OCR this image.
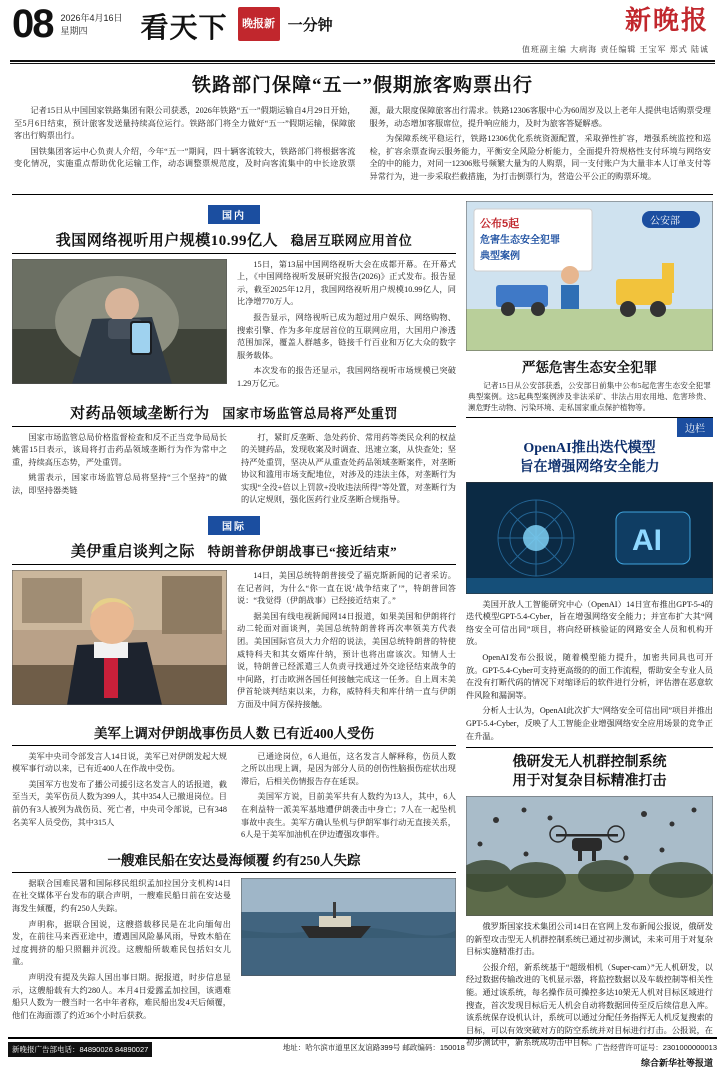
08 2026年4月16日
星期四	看天下	晚报新 一分钟	新晚报
值班副主编 大病海 责任编辑 王宝军 郑式 陆诚
铁路部门保障“五一”假期旅客购票出行

记者15日从中国国家铁路集团有限公司获悉，2026年铁路“五一”假期运输自4月29日开始，至5月6日结束，预计旅客发送量持续高位运行。铁路部门将全力做好“五一”假期运输，保障旅客出行购票出行。

国铁集团客运中心负责人介绍，今年“五一”期间，四十辆客流较大，铁路部门将根据客流变化情况，实施重点帮助优化运输工作，动态调整票规范度，及时向客流集中的中长途放票源，最大限度保障旅客出行需求。铁路12306客服中心为60周岁及以上老年人提供电话购票受理服务，动态增加客服席位，提升响应能力，及时为旅客答疑解惑。

为保障系统平稳运行，铁路12306优化系统资源配置，采取弹性扩容，增强系统监控和巡检，扩容余票查询云服务能力，平衡安全风险分析能力，全面提升符规格性支付环境与网络安全的中的能力，对同一12306账号频繁大量为的人购票，同一支付账户为大量非本人订单支付等异常行为，进一步采取拦截措施，为打击倒票行为，营造公平公正的购票环境。

国内
我国网络视听用户规模10.99亿人 稳居互联网应用首位

15日，第13届中国网络视听大会在成都开幕。在开幕式上，《中国网络视听发展研究报告(2026)》正式发布。报告显示，截至2025年12月，我国网络视听用户规模10.99亿人，同比净增770万人。

报告显示，网络视听已成为超过用户娱乐、网络购物、搜索引擎、作为多年度居首位的互联网应用，大国用户渗透范围加深，覆盖人群越多，链接千行百业和万亿大众的数字服务载体。

本次发布的报告还显示，我国网络视听市场规模已突破1.29万亿元。

对药品领域垄断行为 国家市场监管总局将严处重罚

国家市场监管总局价格监督检查和反不正当竞争局局长姚雷15日表示，该局将打击药品领域垄断行为作为常中之重，持续高压态势，严处重罚。

姚雷表示，国家市场监管总局将坚持“三个坚持”的做法，即坚持器类链

打，紧盯反垄断、急处药价、常用药等类民众利的权益的关键药品，发现收案及时调查、迅速立案，从快查处；坚持严处重罚，坚决从严从重查处药品领域垄断案件，对垄断协议和滥用市场支配地位，对涉及的违法主体，对垄断行为实现“全没+倍以上罚款+没收违法所得”等处置，对垄断行为的认定规则，强化医药行业反垄断合规指导。

国际
美伊重启谈判之际 特朗普称伊朗战事已“接近结束”

14日，美国总统特朗普接受了福克斯新闻的记者采访。在记者问，为什么“你一直在说‘战争结束了’”，特朗普回答说：“我觉得（伊朗战事）已经接近结束了。”

据美国有线电视新闻网14日报道，如果美国和伊朗将行动二轮面对面谈判，美国总统特朗普将再次率领美方代表团。美国国际官员大力介绍的说法，美国总统特朗普的特使威特科夫和其女婿库什纳，预计也将出席该次。知情人士说，特朗普已经派遣三人负责寻找通过外交途径结束战争的中间路，打击欧洲各国任何接触完成这一任务。自上周末美伊首轮谈判结束以来，力称，威特科夫和库什纳一直与伊朗方面及中间方保持接触。

美军上调对伊朗战事伤员人数 已有近400人受伤

美军中央司令部发言人14日说，美军已对伊朗发起大规模军事行动以来，已有近400人在作战中受伤。

美国军方也发布了播公司援引这名发言人的话报道，截至当天，美军伤员人数为399人，其中354人已撤退岗位。目前仍有3人被列为战伤员、死亡者，中央司令部说，已有348名美军人员受伤，其中315人

已通途岗位，6人退伍，这名发言人解释称，伤员人数之所以出现上调，是因为部分人员的创伤性脑损伤症状出现滞后，后相关伤情报告存在延误。

美国军方说，目前美军共有人数约为13人，其中，6人在利益特一派美军基地遭伊朗袭击中身亡；7人在一起坠机事故中丧生。美军方确认坠机与伊朗军事行动无直接关系，6人是于美军加油机在伊边遭强攻事件。

一艘难民船在安达曼海倾覆 约有250人失踪

据联合国难民署和国际移民组织孟加拉国分支机构14日在社交媒体平台发布的联合声明，一艘难民船日前在安达曼海发生倾覆，约有250人失踪。

声明称，据联合国说，这艘搭载移民是在北向缅甸出发，在前往马来西亚途中，遭遇国风险暴风雨，导致木船在过度拥挤的船只照翻并沉没。这艘船所载难民包括妇女儿童。

声明没有提及失踪人国出事日期。据报道，时步信息显示，这艘船载有大约280人。本月4日爱露孟加拉国，该遇难船只人数为一艘当时一名中年者称，难民船出发4天后倾覆，他们在海面漂了约近36个小时后获救。

公布5起
危害生态安全犯罪
典型案例
公安部
严惩危害生态安全犯罪
记者15日从公安部获悉，公安部日前集中公布5起危害生态安全犯罪典型案例。这5起典型案例涉及非法采矿、非法占用农用地、危害珍贵、濒危野生动物、污染环境、走私国家重点保护植物等。
边栏
OpenAI推出迭代模型
旨在增强网络安全能力
AI

美国开放人工智能研究中心（OpenAI）14日宣布推出GPT-5-4的迭代模型GPT-5.4-Cyber，旨在增强网络安全能力；并宣布扩大其“网络安全可信出同”项目，将向经研核验证的网路安全人员和机构开放。

OpenAI发布公报说，随着模型能力提升，加密共同具也可开放。GPT-5.4-Cyber可支持更高级的的面工作流程，帮助安全专业人员在没有打断代码的情况下对缩译后的软件进行分析，评估潜在恶意软件风险和漏洞等。

分析人士认为，OpenAI此次扩大“网络安全可信出同”项目并推出GPT-5.4-Cyber，反映了人工智能企业增强网络安全应用场景的竞争正在升温。

俄研发无人机群控制系统
用于对复杂目标精准打击

俄罗斯国家技术集团公司14日在官网上发布新闻公报说，俄研发的新型攻击型无人机群控制系统已通过初步测试，未来可用于对复杂目标实施精准打击。

公报介绍，新系统基于“超级相机（Super-cam）”无人机研发，以经过数据传输改进的飞机显示器，将监控数据以及车载控制等相关性能。通过该系统，每名操作员可操控多达10架无人机对目标区域进行搜查，首次发现目标后无人机会自动将数据回传至反后续信息入库。该系统保存设机认计，系统可以通过分配任务指挥无人机反复搜索的目标，可以有效突破对方的防空系统并对目标进行打击。公报说，在初步测试中，新系统成功击中目标。

综合新华社等报道
新晚报广告部电话：84890026 84890027	地址：哈尔滨市道里区友谊路399号 邮政编码：150018	广告经营许可证号：2301000000013
